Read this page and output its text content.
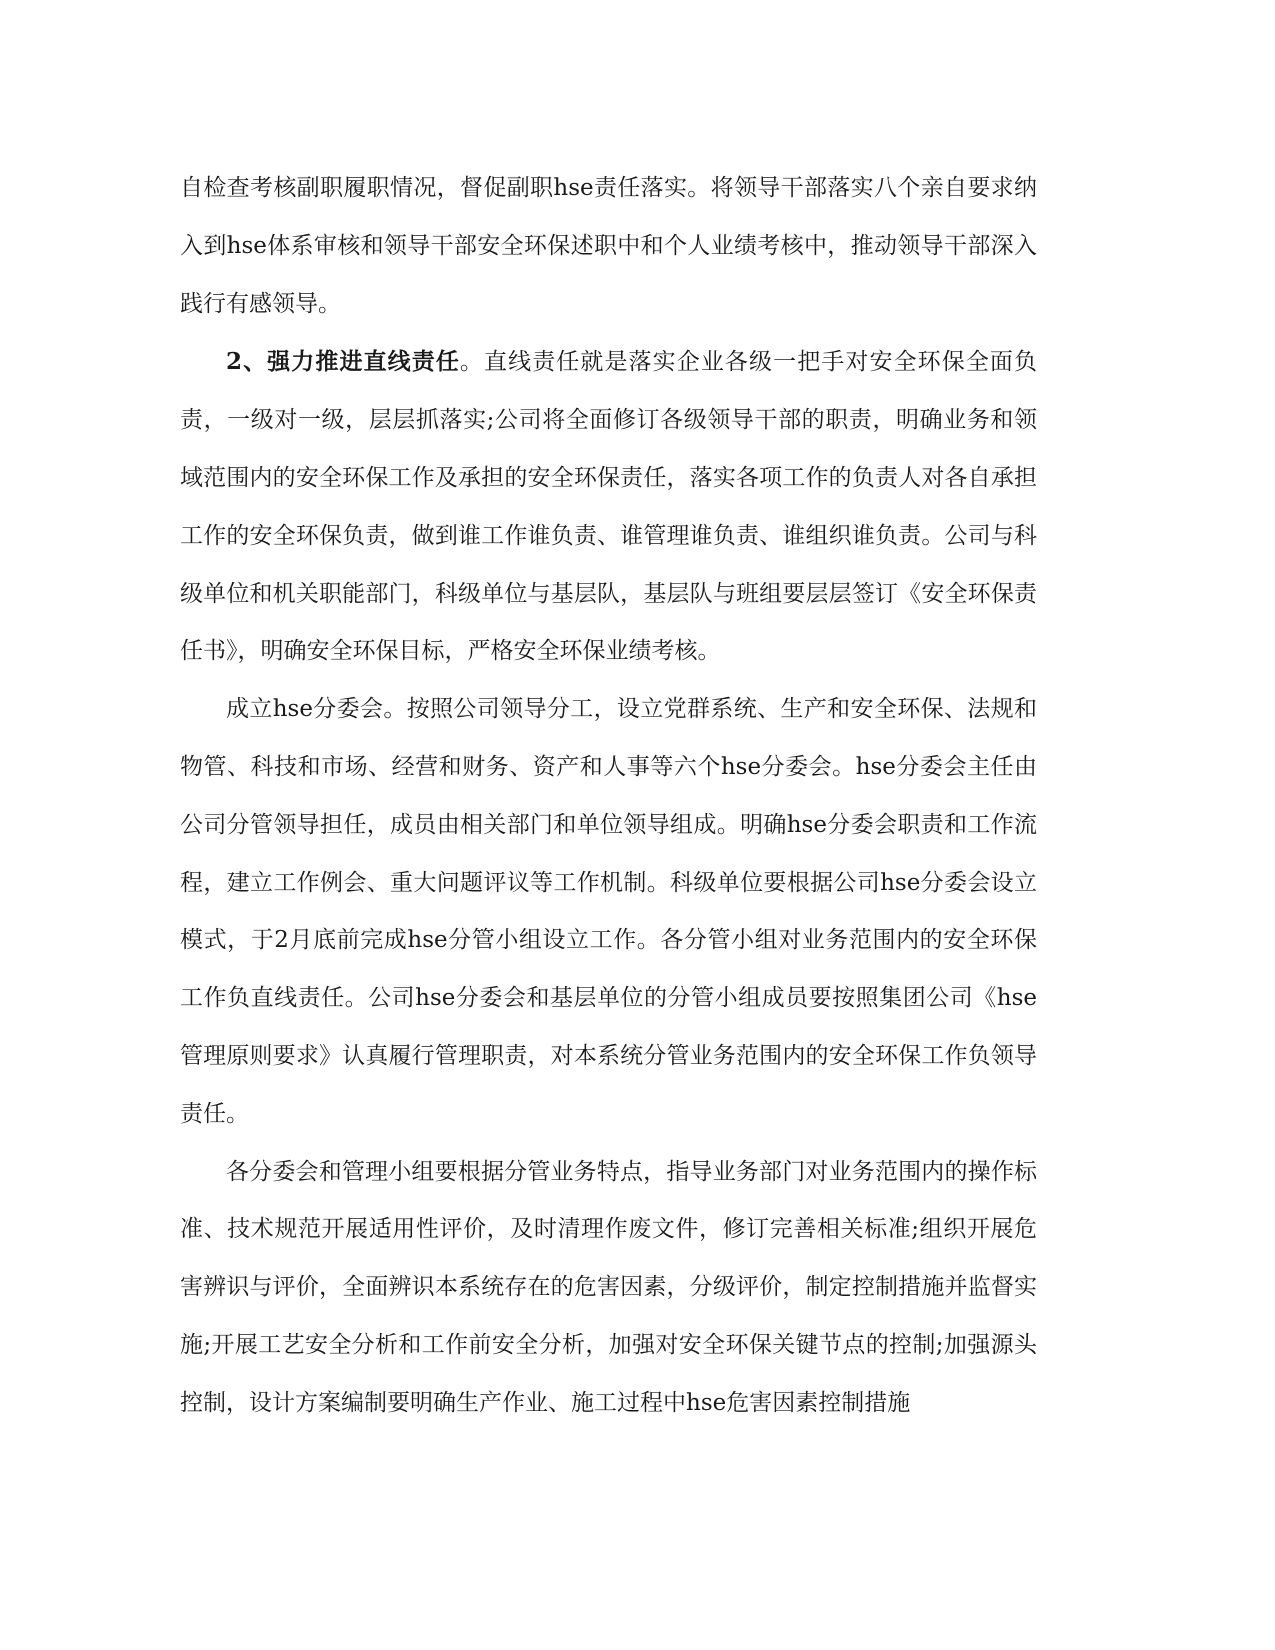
自检查考核副职履职情况，督促副职hse责任落实。将领导干部落实八个亲自要求纳入到hse体系审核和领导干部安全环保述职中和个人业绩考核中，推动领导干部深入践行有感领导。

2、强力推进直线责任。直线责任就是落实企业各级一把手对安全环保全面负责，一级对一级，层层抓落实;公司将全面修订各级领导干部的职责，明确业务和领域范围内的安全环保工作及承担的安全环保责任，落实各项工作的负责人对各自承担工作的安全环保负责，做到谁工作谁负责、谁管理谁负责、谁组织谁负责。公司与科级单位和机关职能部门，科级单位与基层队，基层队与班组要层层签订《安全环保责任书》，明确安全环保目标，严格安全环保业绩考核。

成立hse分委会。按照公司领导分工，设立党群系统、生产和安全环保、法规和物管、科技和市场、经营和财务、资产和人事等六个hse分委会。hse分委会主任由公司分管领导担任，成员由相关部门和单位领导组成。明确hse分委会职责和工作流程，建立工作例会、重大问题评议等工作机制。科级单位要根据公司hse分委会设立模式，于2月底前完成hse分管小组设立工作。各分管小组对业务范围内的安全环保工作负直线责任。公司hse分委会和基层单位的分管小组成员要按照集团公司《hse管理原则要求》认真履行管理职责，对本系统分管业务范围内的安全环保工作负领导责任。

各分委会和管理小组要根据分管业务特点，指导业务部门对业务范围内的操作标准、技术规范开展适用性评价，及时清理作废文件，修订完善相关标准;组织开展危害辨识与评价，全面辨识本系统存在的危害因素，分级评价，制定控制措施并监督实施;开展工艺安全分析和工作前安全分析，加强对安全环保关键节点的控制;加强源头控制，设计方案编制要明确生产作业、施工过程中hse危害因素控制措施
